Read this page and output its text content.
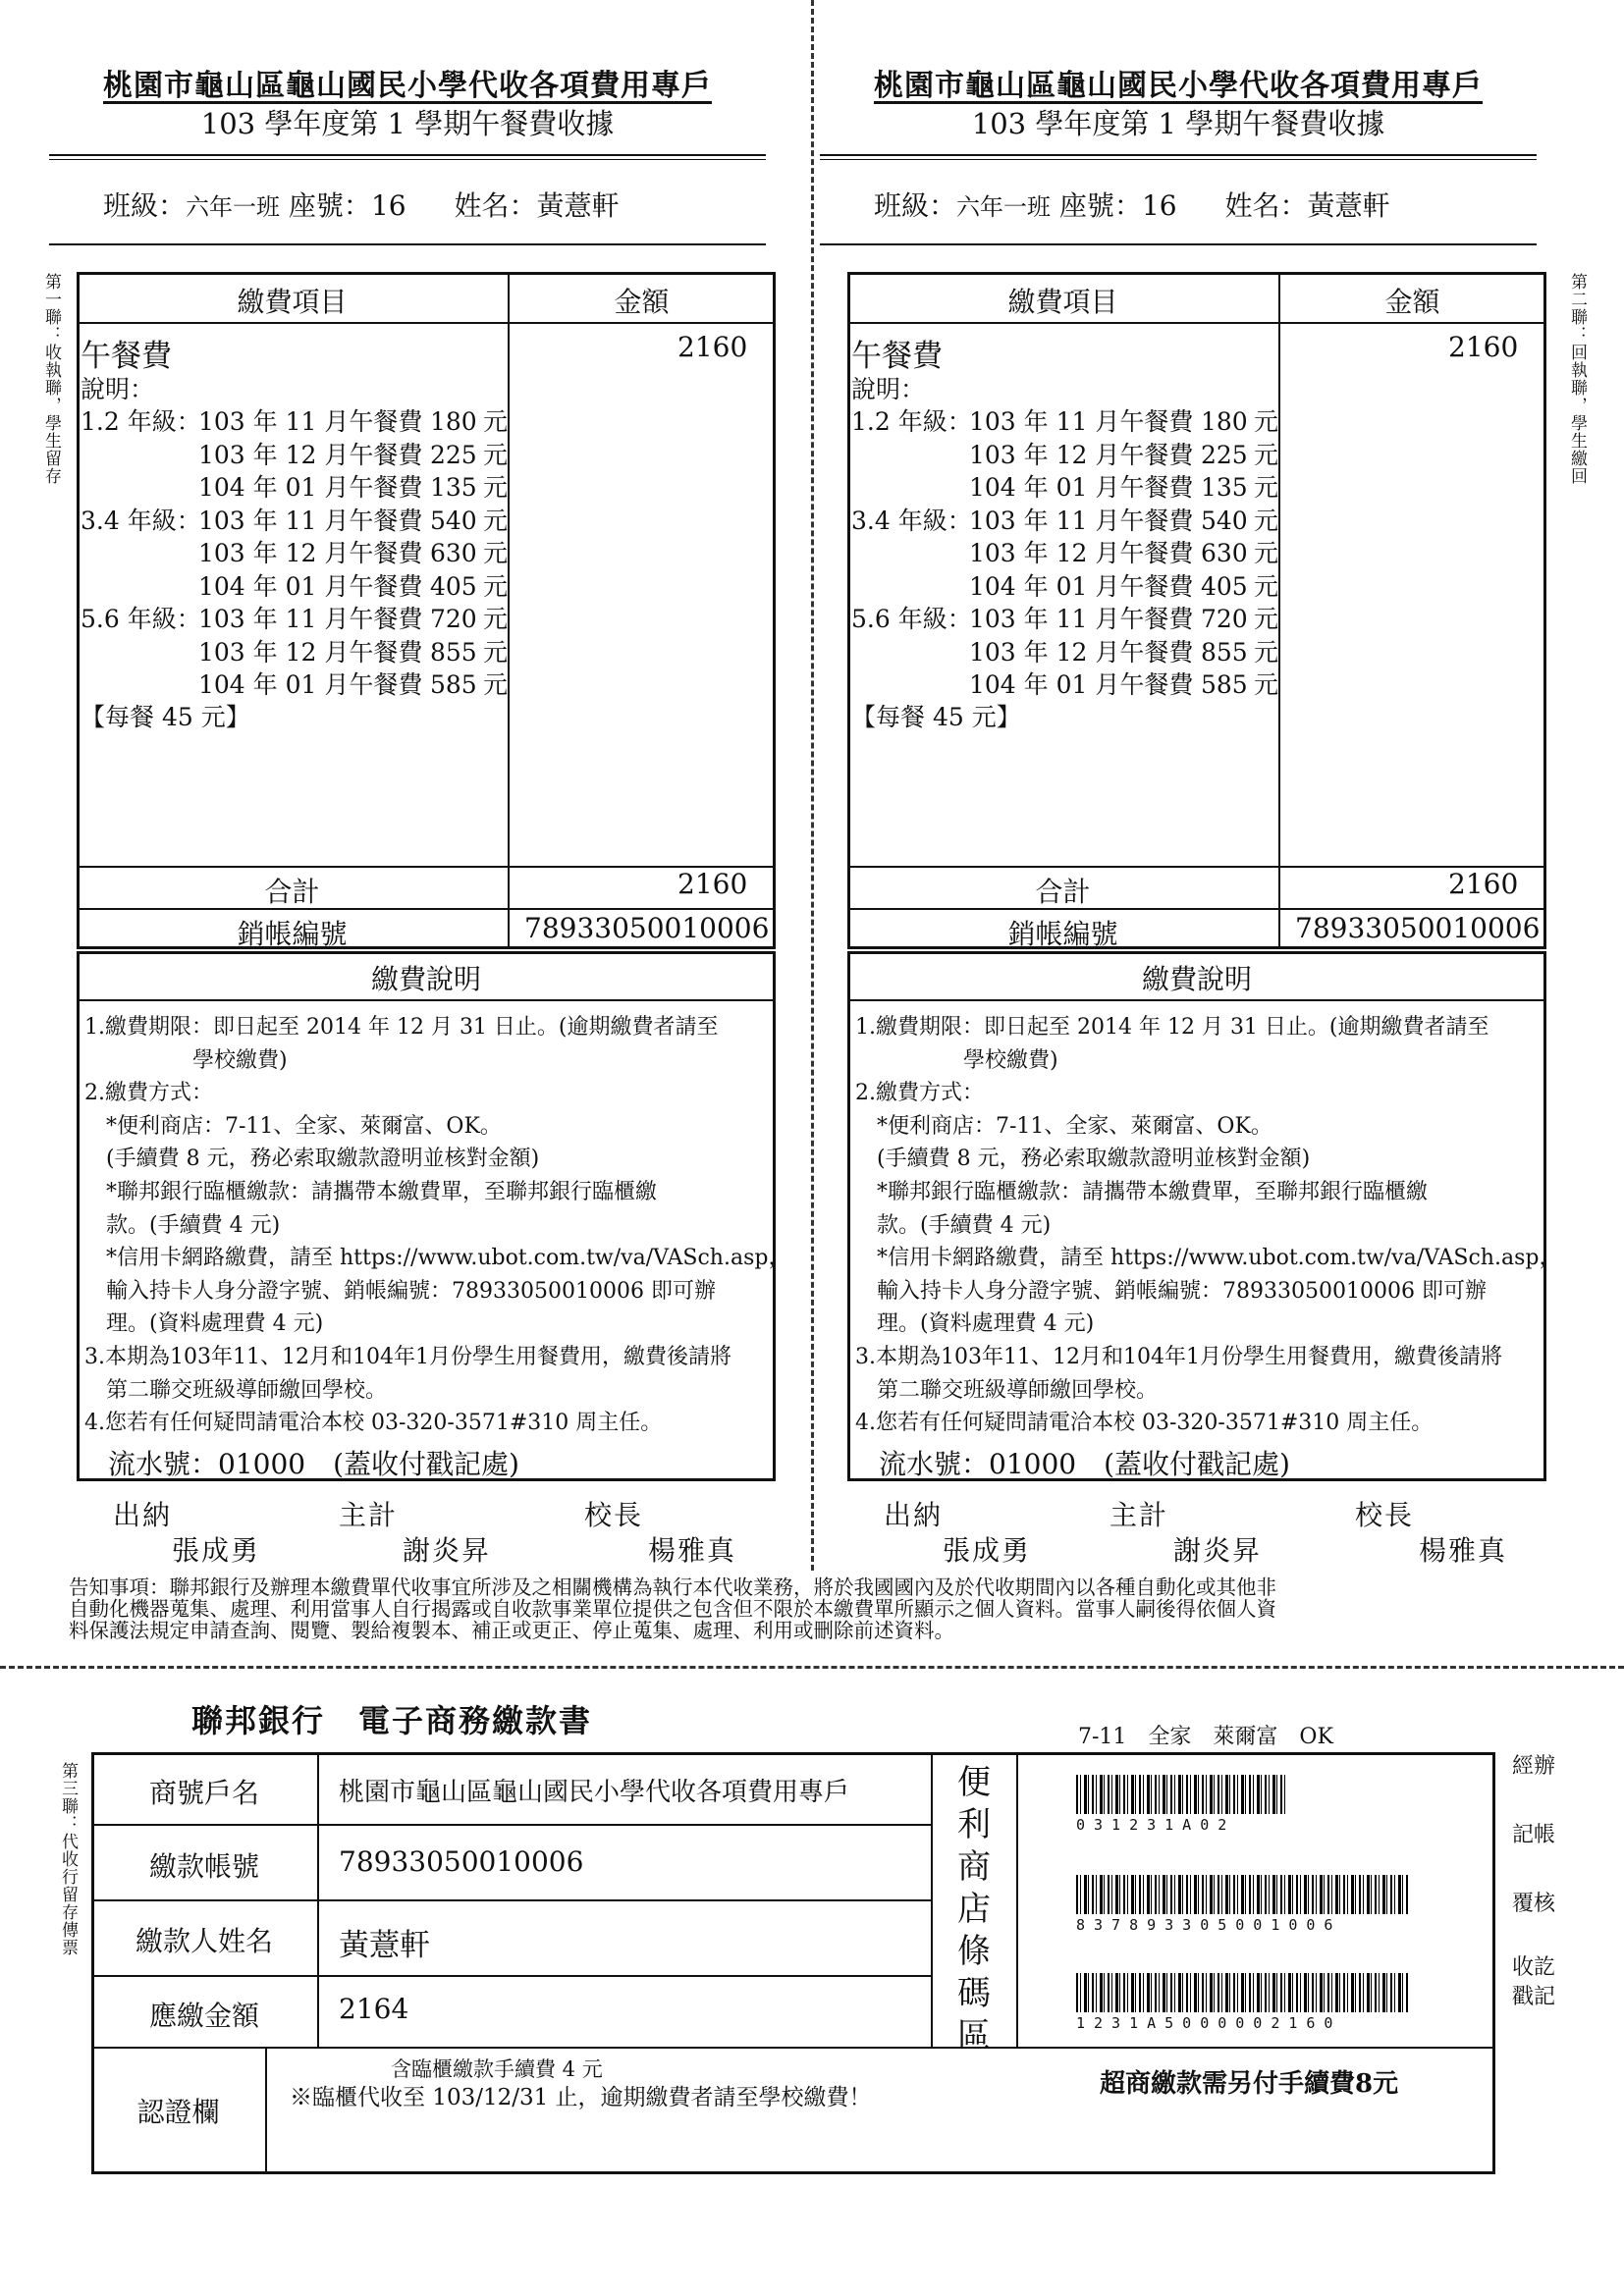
第一聯：收執聯，學生留存	第二聯：回執聯，學生繳回
桃園市龜山區龜山國民小學代收各項費用專戶
103 學年度第 1 學期午餐費收據
班級：六年一班 座號：16 姓名：黃薏軒
繳費項目	金額
午餐費	2160
說明：
1.2 年級：103 年 11 月午餐費 180 元
103 年 12 月午餐費 225 元
104 年 01 月午餐費 135 元
3.4 年級：103 年 11 月午餐費 540 元
103 年 12 月午餐費 630 元
104 年 01 月午餐費 405 元
5.6 年級：103 年 11 月午餐費 720 元
103 年 12 月午餐費 855 元
104 年 01 月午餐費 585 元
【每餐 45 元】
合計	2160
銷帳編號	78933050010006
繳費說明
1.繳費期限：即日起至 2014 年 12 月 31 日止。(逾期繳費者請至
　　　　　學校繳費)
2.繳費方式：
　*便利商店：7-11、全家、萊爾富、OK。
　(手續費 8 元，務必索取繳款證明並核對金額)
　*聯邦銀行臨櫃繳款：請攜帶本繳費單，至聯邦銀行臨櫃繳
　款。(手續費 4 元)
　*信用卡網路繳費，請至 https://www.ubot.com.tw/va/VASch.asp，
　輸入持卡人身分證字號、銷帳編號：78933050010006 即可辦
　理。(資料處理費 4 元)
3.本期為103年11、12月和104年1月份學生用餐費用，繳費後請將
　第二聯交班級導師繳回學校。
4.您若有任何疑問請電洽本校 03-320-3571#310 周主任。
流水號：01000　(蓋收付戳記處)
出納
張成勇
主計
謝炎昇
校長
楊雅真
桃園市龜山區龜山國民小學代收各項費用專戶
103 學年度第 1 學期午餐費收據
班級：六年一班 座號：16 姓名：黃薏軒
繳費項目	金額
午餐費	2160
說明：
1.2 年級：103 年 11 月午餐費 180 元
103 年 12 月午餐費 225 元
104 年 01 月午餐費 135 元
3.4 年級：103 年 11 月午餐費 540 元
103 年 12 月午餐費 630 元
104 年 01 月午餐費 405 元
5.6 年級：103 年 11 月午餐費 720 元
103 年 12 月午餐費 855 元
104 年 01 月午餐費 585 元
【每餐 45 元】
合計	2160
銷帳編號	78933050010006
繳費說明
1.繳費期限：即日起至 2014 年 12 月 31 日止。(逾期繳費者請至
　　　　　學校繳費)
2.繳費方式：
　*便利商店：7-11、全家、萊爾富、OK。
　(手續費 8 元，務必索取繳款證明並核對金額)
　*聯邦銀行臨櫃繳款：請攜帶本繳費單，至聯邦銀行臨櫃繳
　款。(手續費 4 元)
　*信用卡網路繳費，請至 https://www.ubot.com.tw/va/VASch.asp，
　輸入持卡人身分證字號、銷帳編號：78933050010006 即可辦
　理。(資料處理費 4 元)
3.本期為103年11、12月和104年1月份學生用餐費用，繳費後請將
　第二聯交班級導師繳回學校。
4.您若有任何疑問請電洽本校 03-320-3571#310 周主任。
流水號：01000　(蓋收付戳記處)
出納
張成勇
主計
謝炎昇
校長
楊雅真
告知事項：聯邦銀行及辦理本繳費單代收事宜所涉及之相關機構為執行本代收業務，將於我國國內及於代收期間內以各種自動化或其他非
自動化機器蒐集、處理、利用當事人自行揭露或自收款事業單位提供之包含但不限於本繳費單所顯示之個人資料。當事人嗣後得依個人資
料保護法規定申請查詢、閱覽、製給複製本、補正或更正、停止蒐集、處理、利用或刪除前述資料。
聯邦銀行　電子商務繳款書	7-11　全家　萊爾富　OK
第三聯：代收行留存傳票	商號戶名	桃園市龜山區龜山國民小學代收各項費用專戶
繳款帳號	78933050010006
繳款人姓名	黃薏軒
應繳金額	2164
便利商店條碼區
031231A02
837893305001006
1231A5000002160
經辦
記帳
覆核
收訖
戳記
認證欄
含臨櫃繳款手續費 4 元
※臨櫃代收至 103/12/31 止，逾期繳費者請至學校繳費！	超商繳款需另付手續費8元
